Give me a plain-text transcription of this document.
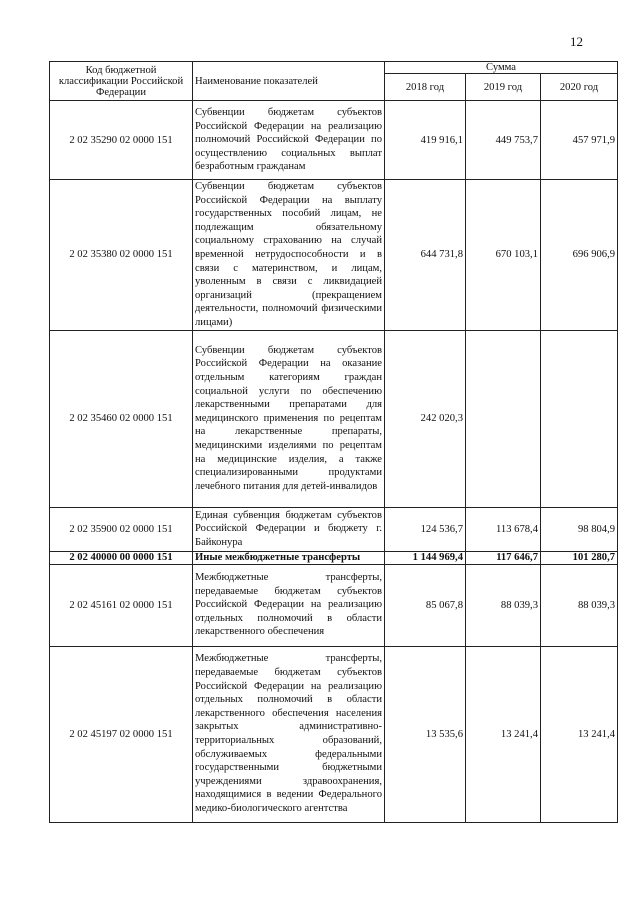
12
Код бюджетной классификации Российской Федерации	Наименование показателей	Сумма		
		2018 год	2019 год	2020 год
2 02 35290 02 0000 151	Субвенции бюджетам субъектов Российской Федерации на реализацию полномочий Российской Федерации по осуществлению социальных выплат безработным гражданам	419 916,1	449 753,7	457 971,9
2 02 35380 02 0000 151	Субвенции бюджетам субъектов Российской Федерации на выплату государственных пособий лицам, не подлежащим обязательному социальному страхованию на случай временной нетрудоспособности и в связи с материнством, и лицам, уволенным в связи с ликвидацией организаций (прекращением деятельности, полномочий физическими лицами)	644 731,8	670 103,1	696 906,9
2 02 35460 02 0000 151	Субвенции бюджетам субъектов Российской Федерации на оказание отдельным категориям граждан социальной услуги по обеспечению лекарственными препаратами для медицинского применения по рецептам на лекарственные препараты, медицинскими изделиями по рецептам на медицинские изделия, а также специализированными продуктами лечебного питания для детей-инвалидов	242 020,3		
2 02 35900 02 0000 151	Единая субвенция бюджетам субъектов Российской Федерации и бюджету г. Байконура	124 536,7	113 678,4	98 804,9
2 02 40000 00 0000 151	Иные межбюджетные трансферты	1 144 969,4	117 646,7	101 280,7
2 02 45161 02 0000 151	Межбюджетные трансферты, передаваемые бюджетам субъектов Российской Федерации на реализацию отдельных полномочий в области лекарственного обеспечения	85 067,8	88 039,3	88 039,3
2 02 45197 02 0000 151	Межбюджетные трансферты, передаваемые бюджетам субъектов Российской Федерации на реализацию отдельных полномочий в области лекарственного обеспечения населения закрытых административно-территориальных образований, обслуживаемых федеральными государственными бюджетными учреждениями здравоохранения, находящимися в ведении Федерального медико-биологического агентства	13 535,6	13 241,4	13 241,4
